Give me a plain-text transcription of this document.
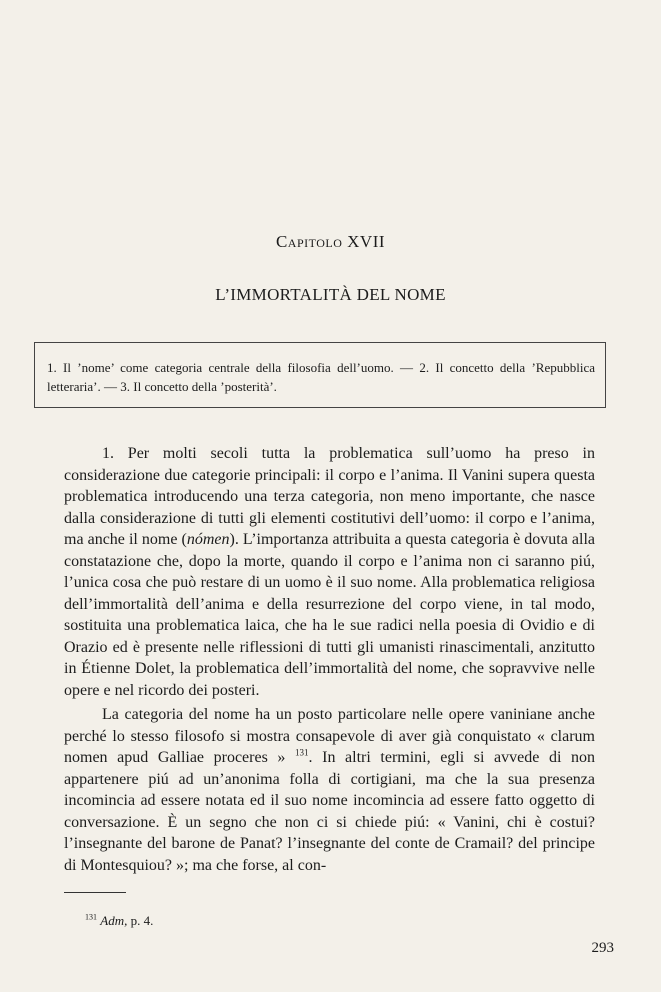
Capitolo XVII
L’IMMORTALITÀ DEL NOME
1. Il ’nome’ come categoria centrale della filosofia dell’uomo. — 2. Il concetto della ’Repubblica letteraria’. — 3. Il concetto della ’posterità’.

1. Per molti secoli tutta la problematica sull’uomo ha preso in considerazione due categorie principali: il corpo e l’anima. Il Vanini supera questa problematica introducendo una terza categoria, non meno importante, che nasce dalla considerazione di tutti gli elementi costitutivi dell’uomo: il corpo e l’anima, ma anche il nome (nómen). L’importanza attribuita a questa categoria è dovuta alla constatazione che, dopo la morte, quando il corpo e l’anima non ci saranno piú, l’unica cosa che può restare di un uomo è il suo nome. Alla problematica religiosa dell’immortalità dell’anima e della resurrezione del corpo viene, in tal modo, sostituita una problematica laica, che ha le sue radici nella poesia di Ovidio e di Orazio ed è presente nelle riflessioni di tutti gli umanisti rinascimentali, anzitutto in Étienne Dolet, la problematica dell’immortalità del nome, che sopravvive nelle opere e nel ricordo dei posteri.

La categoria del nome ha un posto particolare nelle opere vaniniane anche perché lo stesso filosofo si mostra consapevole di aver già conquistato « clarum nomen apud Galliae proceres » $^{131}$. In altri termini, egli si avvede di non appartenere piú ad un’anonima folla di cortigiani, ma che la sua presenza incomincia ad essere notata ed il suo nome incomincia ad essere fatto oggetto di conversazione. È un segno che non ci si chiede piú: « Vanini, chi è costui? l’insegnante del barone de Panat? l’insegnante del conte de Cramail? del principe di Montesquiou? »; ma che forse, al con-

$^{131}$ Adm, p. 4.
293
